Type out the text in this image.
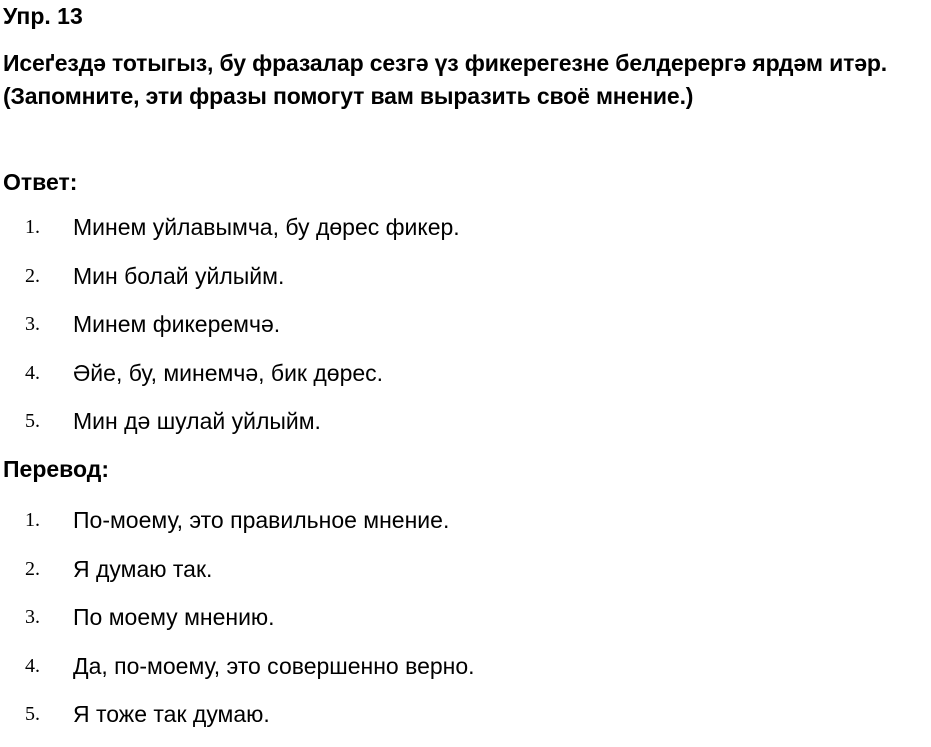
Упр. 13

Исеґездә тотыгыз, бу фразалар сезгә үз фикерегезне белдерергә ярдәм итәр. (Запомните, эти фразы помогут вам выразить своё мнение.)

Ответ:
1.	Минем уйлавымча, бу дөрес фикер.
2.	Мин болай уйлыйм.
3.	Минем фикеремчә.
4.	Әйе, бу, минемчә, бик дөрес.
5.	Мин дә шулай уйлыйм.
Перевод:
1.	По-моему, это правильное мнение.
2.	Я думаю так.
3.	По моему мнению.
4.	Да, по-моему, это совершенно верно.
5.	Я тоже так думаю.
